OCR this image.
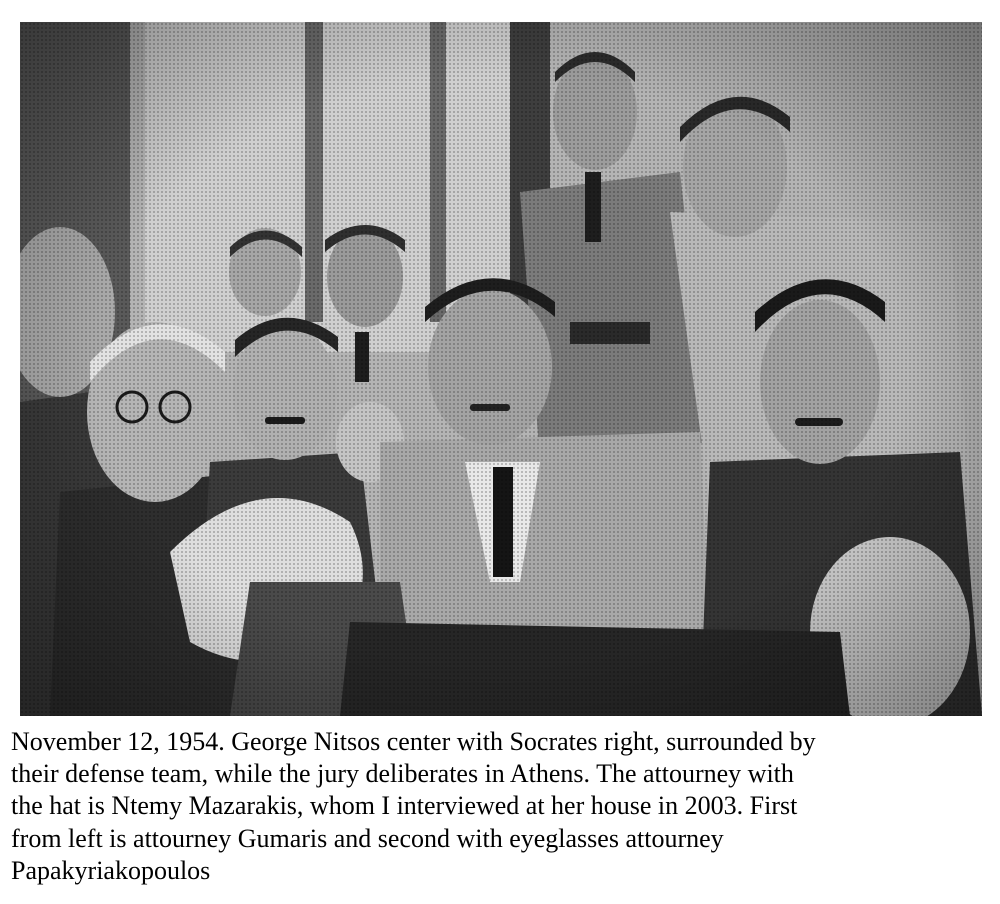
November 12, 1954. George Nitsos center with Socrates right, surrounded by
their defense team, while the jury deliberates in Athens. The attourney with
the hat is Ntemy Mazarakis, whom I interviewed at her house in 2003. First
from left is attourney Gumaris and second with eyeglasses attourney
Papakyriakopoulos
